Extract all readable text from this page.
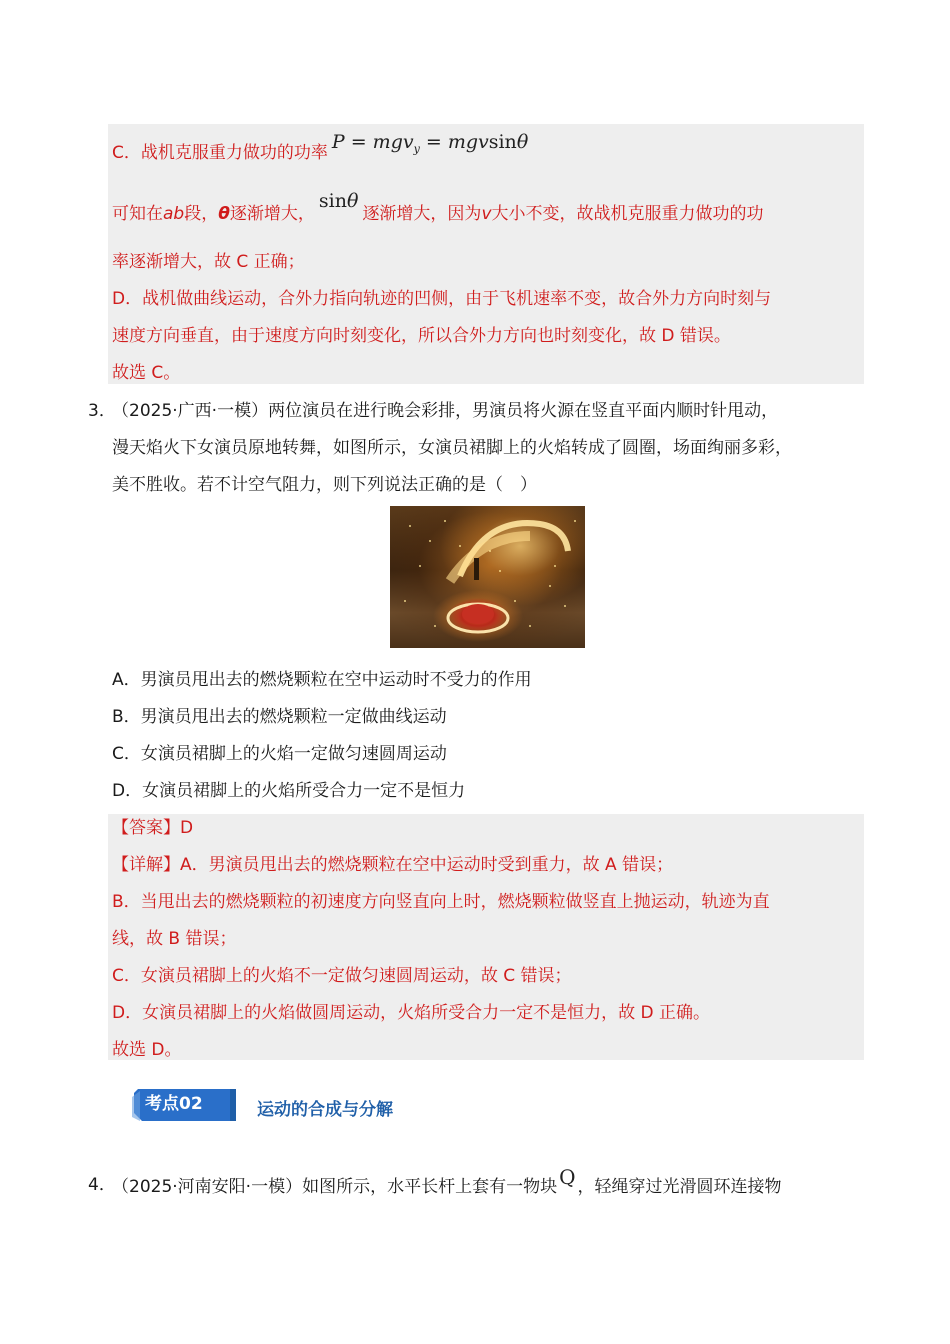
C．战机克服重力做功的功率 P = mgv$_y$ = mgvsinθ
可知在ab段，θ逐渐增大，sinθ逐渐增大，因为v大小不变，故战机克服重力做功的功
率逐渐增大，故 C 正确；
D．战机做曲线运动，合外力指向轨迹的凹侧，由于飞机速率不变，故合外力方向时刻与
速度方向垂直，由于速度方向时刻变化，所以合外力方向也时刻变化，故 D 错误。
故选 C。
3．
（2025·广西·一模）两位演员在进行晚会彩排，男演员将火源在竖直平面内顺时针甩动，
漫天焰火下女演员原地转舞，如图所示，女演员裙脚上的火焰转成了圆圈，场面绚丽多彩，
美不胜收。若不计空气阻力，则下列说法正确的是（　）
A．男演员甩出去的燃烧颗粒在空中运动时不受力的作用
B．男演员甩出去的燃烧颗粒一定做曲线运动
C．女演员裙脚上的火焰一定做匀速圆周运动
D．女演员裙脚上的火焰所受合力一定不是恒力
【答案】D
【详解】A．男演员甩出去的燃烧颗粒在空中运动时受到重力，故 A 错误；
B．当甩出去的燃烧颗粒的初速度方向竖直向上时，燃烧颗粒做竖直上抛运动，轨迹为直
线，故 B 错误；
C．女演员裙脚上的火焰不一定做匀速圆周运动，故 C 错误；
D．女演员裙脚上的火焰做圆周运动，火焰所受合力一定不是恒力，故 D 正确。
故选 D。
考点02	运动的合成与分解
4．
（2025·河南安阳·一模）如图所示，水平长杆上套有一物块 Q ，轻绳穿过光滑圆环连接物
